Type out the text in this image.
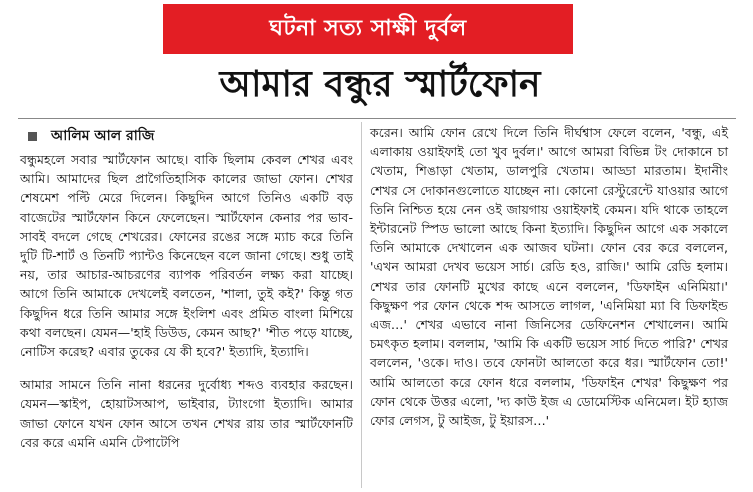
ঘটনা সত্য সাক্ষী দুর্বল
আমার বন্ধুর স্মার্টফোন
আলিম আল রাজি

বন্ধুমহলে সবার স্মার্টফোন আছে। বাকি ছিলাম কেবল শেখর এবং আমি। আমাদের ছিল প্রাগৈতিহাসিক কালের জাভা ফোন। শেখর শেষমেশ পল্টি মেরে দিলেন। কিছুদিন আগে তিনিও একটি বড় বাজেটের স্মার্টফোন কিনে ফেলেছেন। স্মার্টফোন কেনার পর ভাব-সাবই বদলে গেছে শেখরের। ফোনের রঙের সঙ্গে ম্যাচ করে তিনি দুটি টি-শার্ট ও তিনটি প্যান্টও কিনেছেন বলে জানা গেছে। শুধু তাই নয়, তার আচার-আচরণের ব্যাপক পরিবর্তন লক্ষ্য করা যাচ্ছে। আগে তিনি আমাকে দেখলেই বলতেন, 'শালা, তুই কই?' কিন্তু গত কিছুদিন ধরে তিনি আমার সঙ্গে ইংলিশ এবং প্রমিত বাংলা মিশিয়ে কথা বলছেন। যেমন—'হাই ডিউড, কেমন আছ?' 'শীত পড়ে যাচ্ছে, নোটিস করেছ? এবার তুকের যে কী হবে?' ইত্যাদি, ইত্যাদি।

আমার সামনে তিনি নানা ধরনের দুর্বোধ্য শব্দও ব্যবহার করছেন। যেমন—স্কাইপ, হোয়াটসআপ, ভাইবার, ট্যাংগো ইত্যাদি। আমার জাভা ফোনে যখন ফোন আসে তখন শেখর রায় তার স্মার্টফোনটি বের করে এমনি এমনি টেপাটেপি

করেন। আমি ফোন রেখে দিলে তিনি দীর্ঘশ্বাস ফেলে বলেন, 'বন্ধু, এই এলাকায় ওয়াইফাই তো খুব দুর্বল।' আগে আমরা বিভিন্ন টং দোকানে চা খেতাম, শিঙাড়া খেতাম, ডালপুরি খেতাম। আড্ডা মারতাম। ইদানীং শেখর সে দোকানগুলোতে যাচ্ছেন না। কোনো রেস্টুরেন্টে যাওয়ার আগে তিনি নিশ্চিত হয়ে নেন ওই জায়গায় ওয়াইফাই কেমন। যদি থাকে তাহলে ইন্টারনেট স্পিড ভালো আছে কিনা ইত্যাদি। কিছুদিন আগে এক সকালে তিনি আমাকে দেখালেন এক আজব ঘটনা। ফোন বের করে বললেন, 'এখন আমরা দেখব ভয়েস সার্চ। রেডি হও, রাজি।' আমি রেডি হলাম। শেখর তার ফোনটি মুখের কাছে এনে বললেন, 'ডিফাইন এনিমিয়া।' কিছুক্ষণ পর ফোন থেকে শব্দ আসতে লাগল, 'এনিমিয়া ম্যা বি ডিফাইন্ড এজ…' শেখর এভাবে নানা জিনিসের ডেফিনেশন শেখালেন। আমি চমৎকৃত হলাম। বললাম, 'আমি কি একটি ভয়েস সার্চ দিতে পারি?' শেখর বললেন, 'ওকে। দাও। তবে ফোনটা আলতো করে ধর। স্মার্টফোন তো!' আমি আলতো করে ফোন ধরে বললাম, 'ডিফাইন শেখর' কিছুক্ষণ পর ফোন থেকে উত্তর এলো, 'দ্য কাউ ইজ এ ডোমেস্টিক এনিমেল। ইট হ্যাজ ফোর লেগস, টু আইজ, টু ইয়ারস…'
